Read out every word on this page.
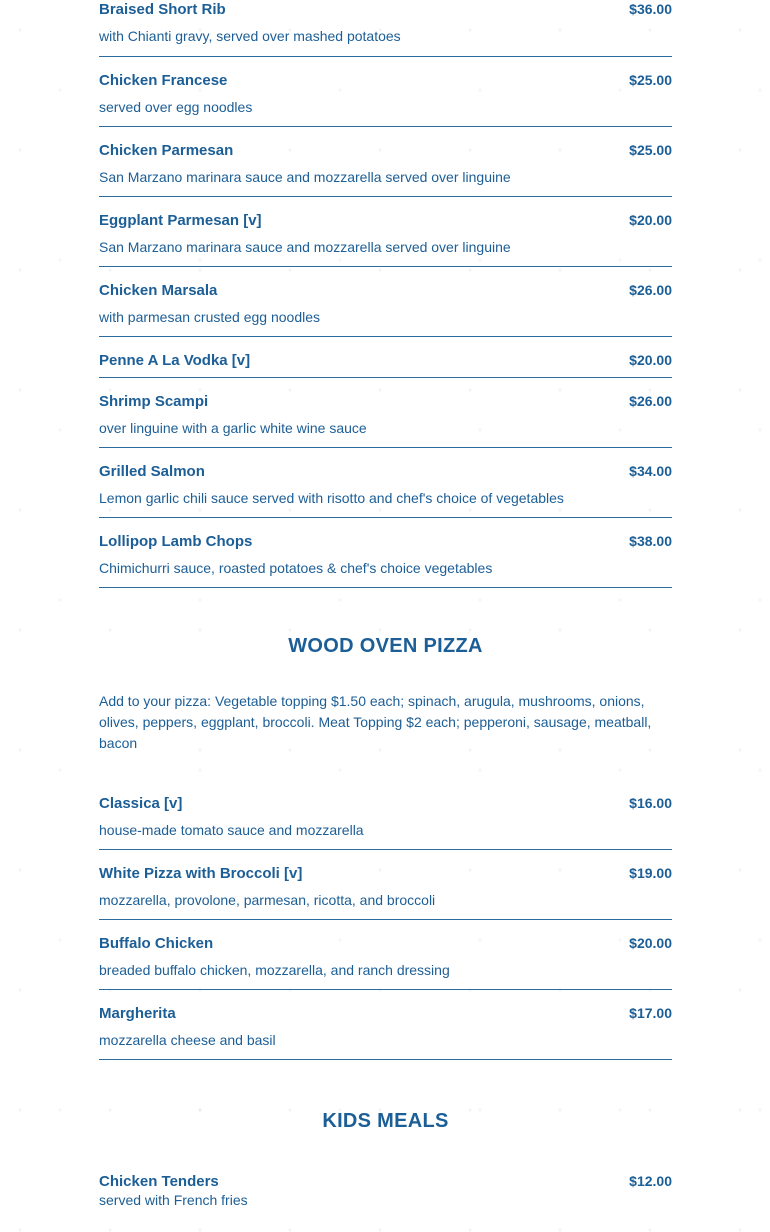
Braised Short Rib	$36.00
with Chianti gravy, served over mashed potatoes
Chicken Francese	$25.00
served over egg noodles
Chicken Parmesan	$25.00
San Marzano marinara sauce and mozzarella served over linguine
Eggplant Parmesan [v]	$20.00
San Marzano marinara sauce and mozzarella served over linguine
Chicken Marsala	$26.00
with parmesan crusted egg noodles
Penne A La Vodka [v]	$20.00
Shrimp Scampi	$26.00
over linguine with a garlic white wine sauce
Grilled Salmon	$34.00
Lemon garlic chili sauce served with risotto and chef's choice of vegetables
Lollipop Lamb Chops	$38.00
Chimichurri sauce, roasted potatoes & chef's choice vegetables
WOOD OVEN PIZZA
Add to your pizza: Vegetable topping $1.50 each; spinach, arugula, mushrooms, onions, olives, peppers, eggplant, broccoli. Meat Topping $2 each; pepperoni, sausage, meatball, bacon
Classica [v]	$16.00
house-made tomato sauce and mozzarella
White Pizza with Broccoli [v]	$19.00
mozzarella, provolone, parmesan, ricotta, and broccoli
Buffalo Chicken	$20.00
breaded buffalo chicken, mozzarella, and ranch dressing
Margherita	$17.00
mozzarella cheese and basil
KIDS MEALS
Chicken Tenders	$12.00
served with French fries
